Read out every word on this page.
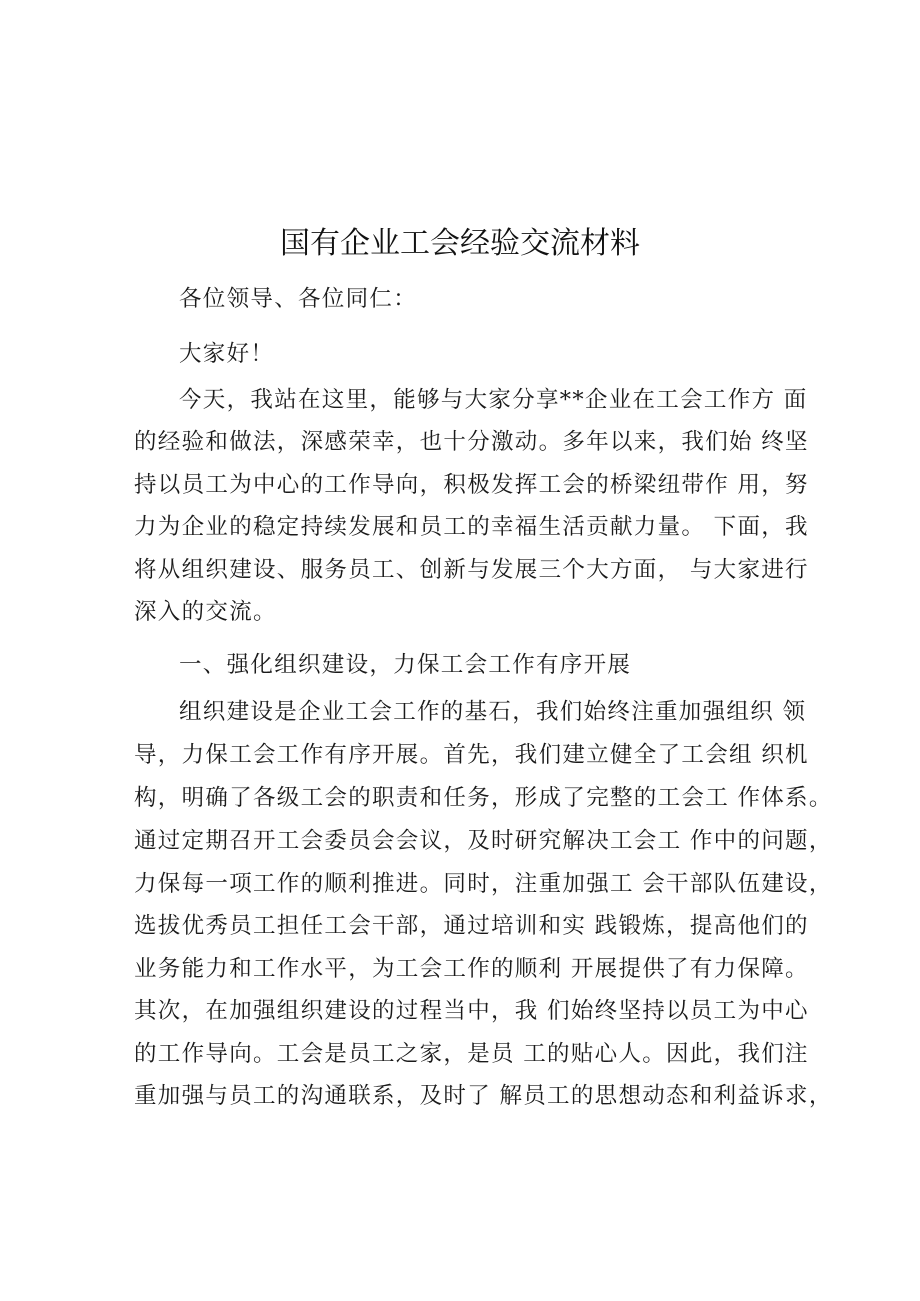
国有企业工会经验交流材料
各位领导、各位同仁：
大家好！
今天，我站在这里，能够与大家分享**企业在工会工作方 面
的经验和做法，深感荣幸，也十分激动。多年以来，我们始 终坚
持以员工为中心的工作导向，积极发挥工会的桥梁纽带作 用，努
力为企业的稳定持续发展和员工的幸福生活贡献力量。 下面，我
将从组织建设、服务员工、创新与发展三个大方面， 与大家进行
深入的交流。
一、强化组织建设，力保工会工作有序开展
组织建设是企业工会工作的基石，我们始终注重加强组织 领
导，力保工会工作有序开展。首先，我们建立健全了工会组 织机
构，明确了各级工会的职责和任务，形成了完整的工会工 作体系。
通过定期召开工会委员会会议，及时研究解决工会工 作中的问题，
力保每一项工作的顺利推进。同时，注重加强工 会干部队伍建设，
选拔优秀员工担任工会干部，通过培训和实 践锻炼，提高他们的
业务能力和工作水平，为工会工作的顺利 开展提供了有力保障。
其次，在加强组织建设的过程当中，我 们始终坚持以员工为中心
的工作导向。工会是员工之家，是员 工的贴心人。因此，我们注
重加强与员工的沟通联系，及时了 解员工的思想动态和利益诉求，
